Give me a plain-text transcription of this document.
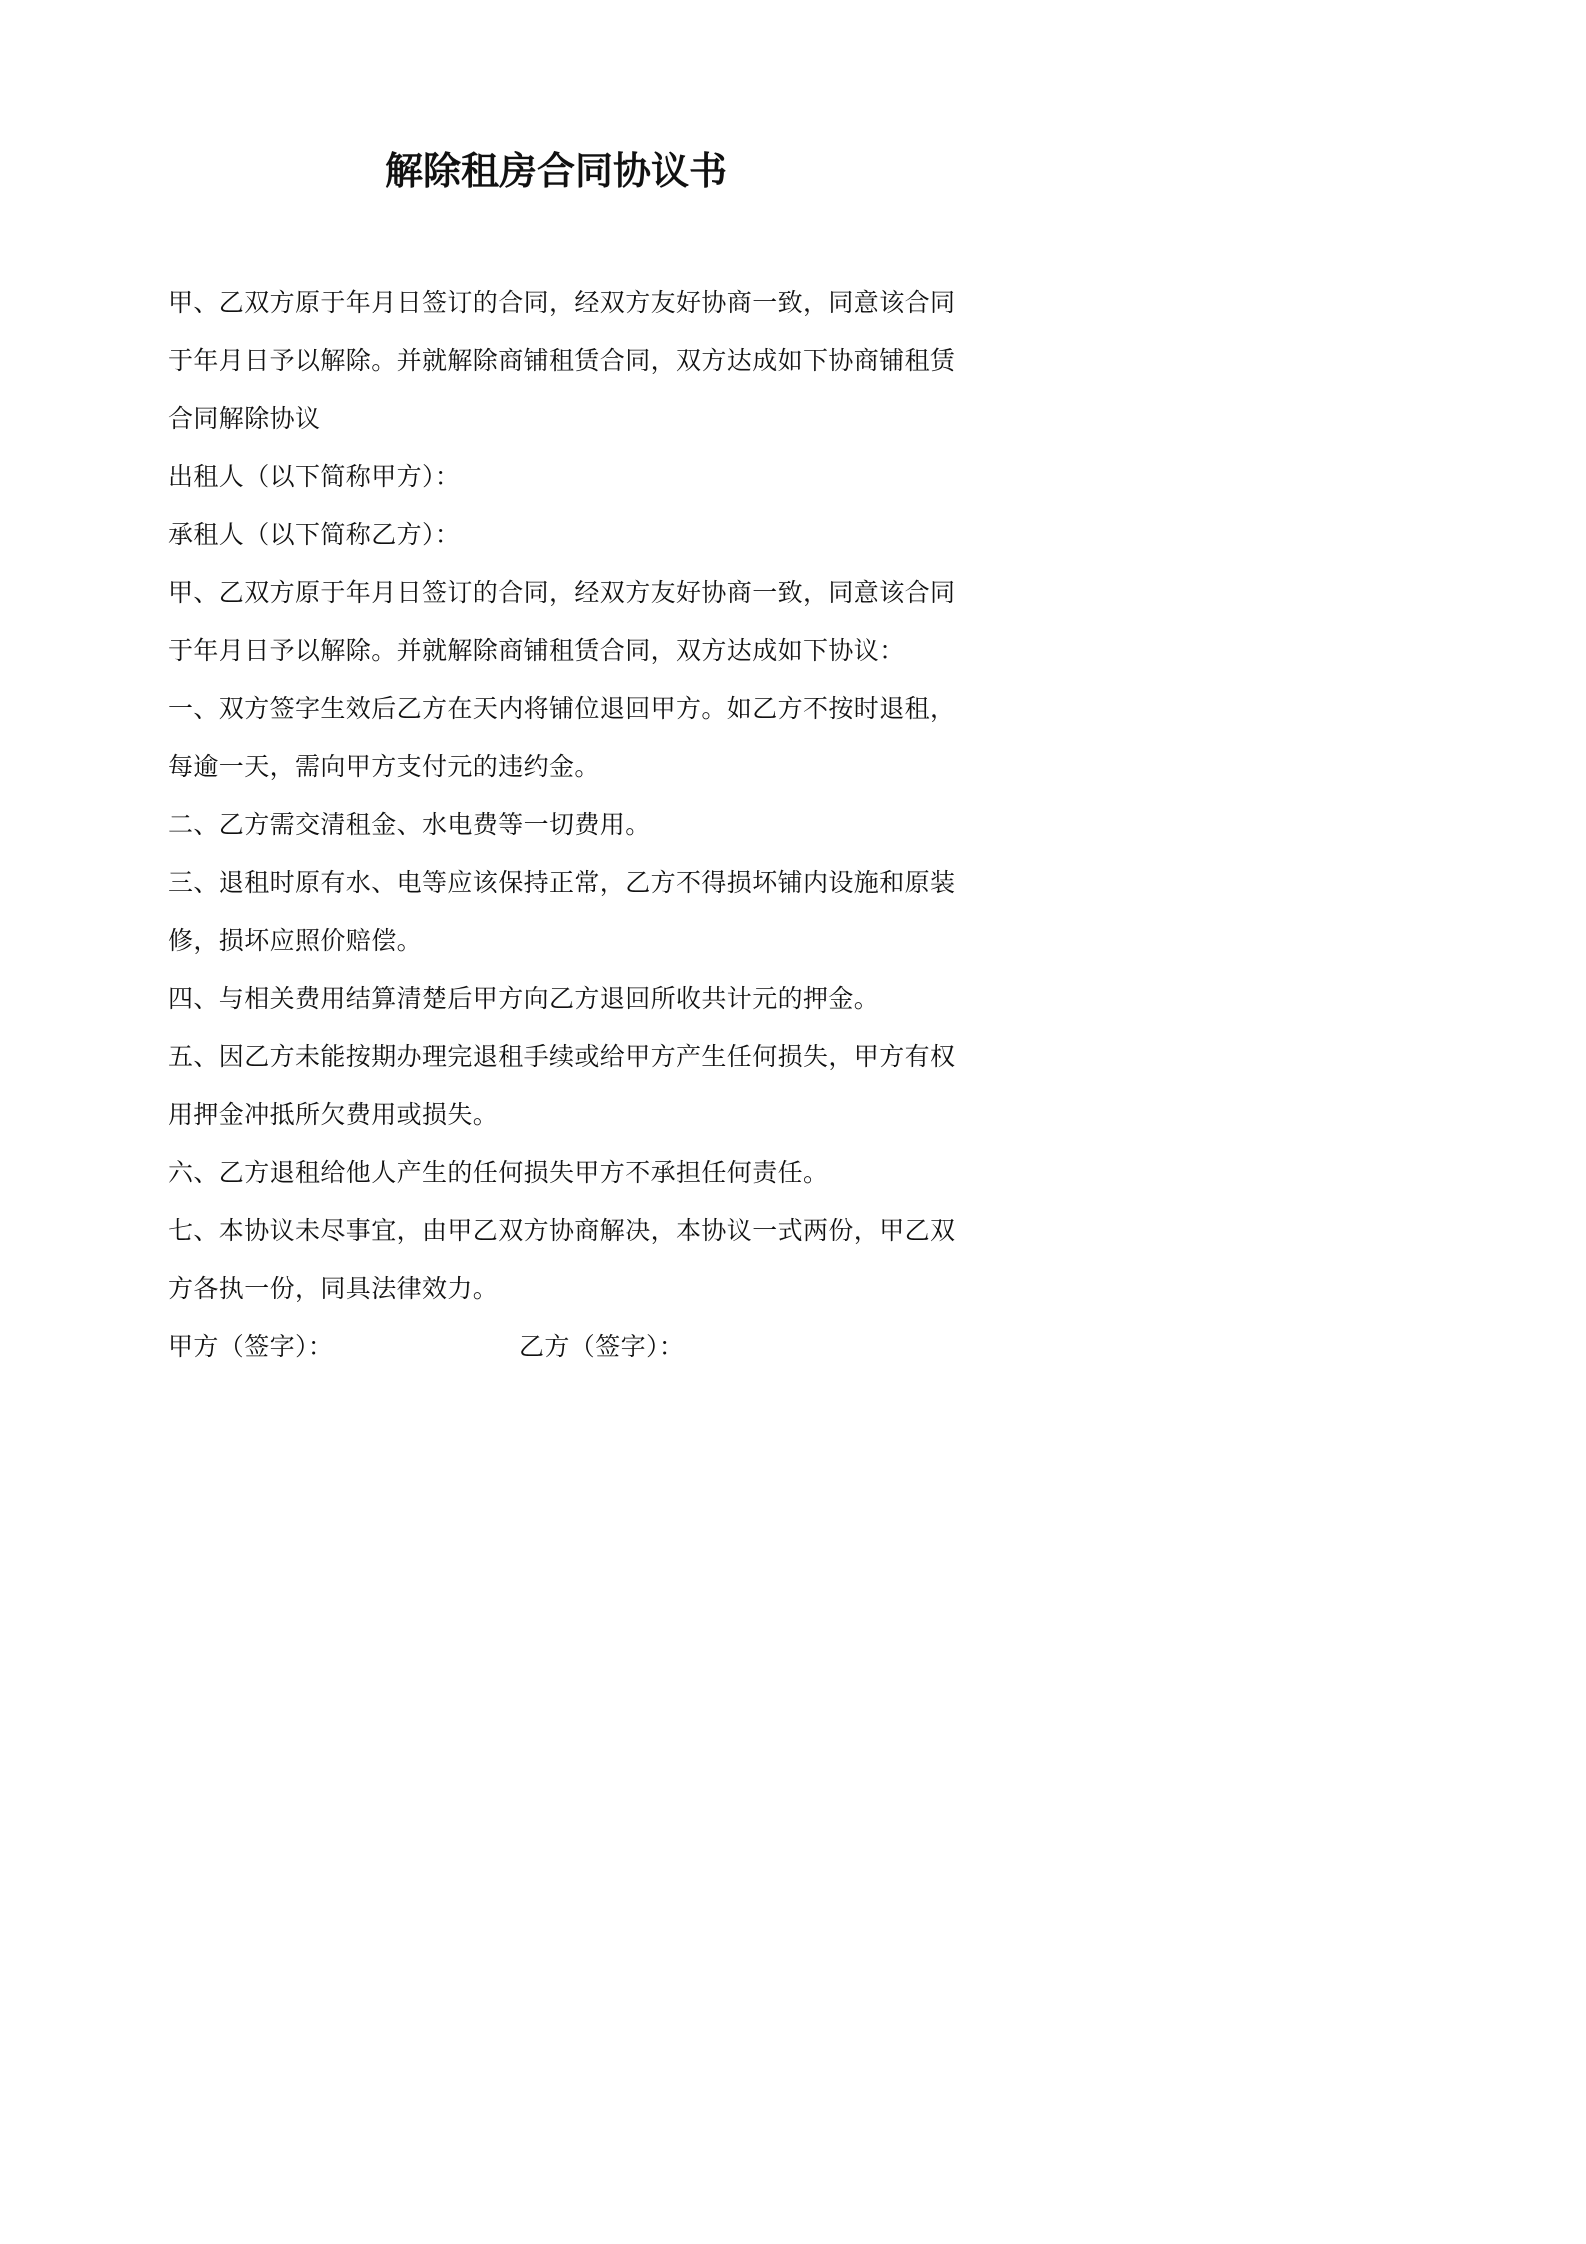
解除租房合同协议书

甲、乙双方原于年月日签订的合同，经双方友好协商一致，同意该合同于年月日予以解除。并就解除商铺租赁合同，双方达成如下协商铺租赁合同解除协议

出租人（以下简称甲方）：

承租人（以下简称乙方）：

甲、乙双方原于年月日签订的合同，经双方友好协商一致，同意该合同于年月日予以解除。并就解除商铺租赁合同，双方达成如下协议：

一、双方签字生效后乙方在天内将铺位退回甲方。如乙方不按时退租，每逾一天，需向甲方支付元的违约金。

二、乙方需交清租金、水电费等一切费用。

三、退租时原有水、电等应该保持正常，乙方不得损坏铺内设施和原装修，损坏应照价赔偿。

四、与相关费用结算清楚后甲方向乙方退回所收共计元的押金。

五、因乙方未能按期办理完退租手续或给甲方产生任何损失，甲方有权用押金冲抵所欠费用或损失。

六、乙方退租给他人产生的任何损失甲方不承担任何责任。

七、本协议未尽事宜，由甲乙双方协商解决，本协议一式两份，甲乙双方各执一份，同具法律效力。

甲方（签字）：	乙方（签字）：
